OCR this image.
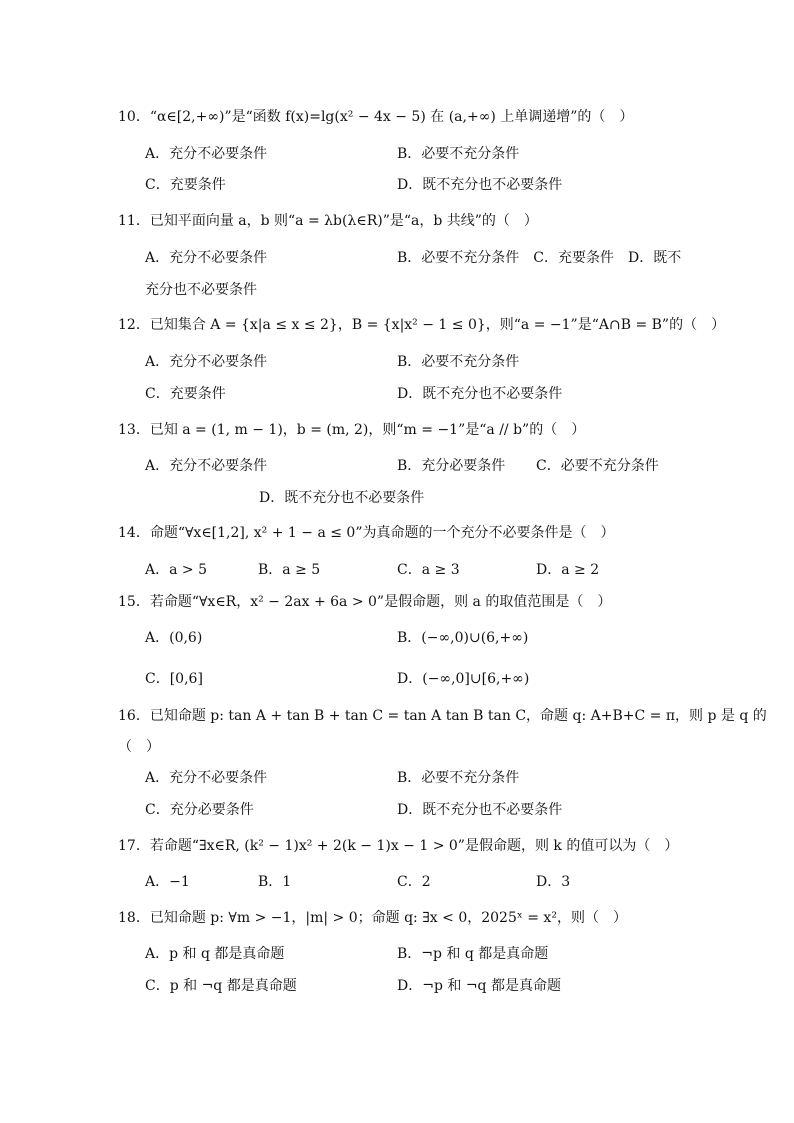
10．“α∈[2,+∞)”是“函数 f(x)=lg(x² − 4x − 5) 在 (a,+∞) 上单调递增”的（　）
A．充分不必要条件	B．必要不充分条件
C．充要条件	D．既不充分也不必要条件
11．已知平面向量 a，b 则“a = λb(λ∈R)”是“a，b 共线”的（　）
A．充分不必要条件	B．必要不充分条件　C．充要条件　D．既不
充分也不必要条件
12．已知集合 A = {x|a ≤ x ≤ 2}，B = {x|x² − 1 ≤ 0}，则“a = −1”是“A∩B = B”的（　）
A．充分不必要条件	B．必要不充分条件
C．充要条件	D．既不充分也不必要条件
13．已知 a = (1, m − 1)，b = (m, 2)，则“m = −1”是“a // b”的（　）
A．充分不必要条件	B．充分必要条件 C．必要不充分条件
D．既不充分也不必要条件
14．命题“∀x∈[1,2], x² + 1 − a ≤ 0”为真命题的一个充分不必要条件是（　）
A．a > 5	B．a ≥ 5	C．a ≥ 3	D．a ≥ 2
15．若命题“∀x∈R，x² − 2ax + 6a > 0”是假命题，则 a 的取值范围是（　）
A．(0,6)	B．(−∞,0)∪(6,+∞)
C．[0,6]	D．(−∞,0]∪[6,+∞)
16．已知命题 p: tan A + tan B + tan C = tan A tan B tan C，命题 q: A+B+C = π，则 p 是 q 的
（　）
A．充分不必要条件	B．必要不充分条件
C．充分必要条件	D．既不充分也不必要条件
17．若命题“∃x∈R, (k² − 1)x² + 2(k − 1)x − 1 > 0”是假命题，则 k 的值可以为（　）
A．−1	B．1	C．2	D．3
18．已知命题 p: ∀m > −1，|m| > 0；命题 q: ∃x < 0，2025ˣ = x²，则（　）
A．p 和 q 都是真命题	B．¬p 和 q 都是真命题
C．p 和 ¬q 都是真命题	D．¬p 和 ¬q 都是真命题
